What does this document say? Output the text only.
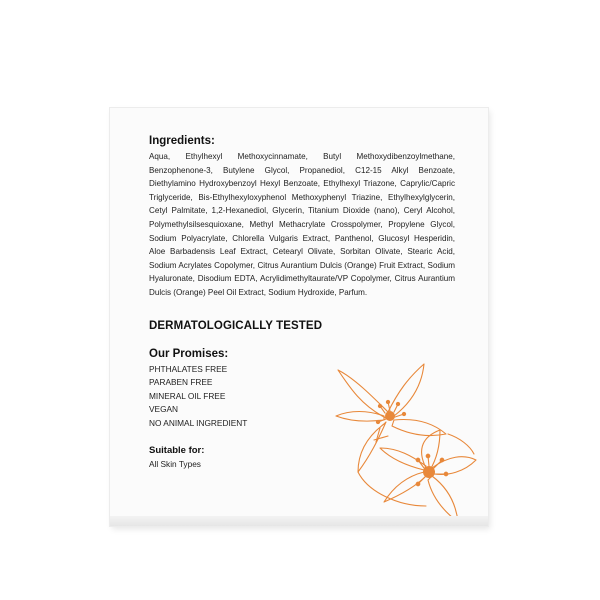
Ingredients:

Aqua, Ethylhexyl Methoxycinnamate, Butyl Methoxydibenzoylmethane, Benzophenone-3, Butylene Glycol, Propanediol, C12-15 Alkyl Benzoate, Diethylamino Hydroxybenzoyl Hexyl Benzoate, Ethylhexyl Triazone, Caprylic/Capric Triglyceride, Bis-Ethylhexyloxyphenol Methoxyphenyl Triazine, Ethylhexylglycerin, Cetyl Palmitate, 1,2-Hexanediol, Glycerin, Titanium Dioxide (nano), Ceryl Alcohol, Polymethylsilsesquioxane, Methyl Methacrylate Crosspolymer, Propylene Glycol, Sodium Polyacrylate, Chlorella Vulgaris Extract, Panthenol, Glucosyl Hesperidin, Aloe Barbadensis Leaf Extract, Cetearyl Olivate, Sorbitan Olivate, Stearic Acid, Sodium Acrylates Copolymer, Citrus Aurantium Dulcis (Orange) Fruit Extract, Sodium Hyaluronate, Disodium EDTA, Acrylidimethyltaurate/VP Copolymer, Citrus Aurantium Dulcis (Orange) Peel Oil Extract, Sodium Hydroxide, Parfum.

DERMATOLOGICALLY TESTED
Our Promises:
PHTHALATES FREE
PARABEN FREE
MINERAL OIL FREE
VEGAN
NO ANIMAL INGREDIENT
Suitable for:
All Skin Types
